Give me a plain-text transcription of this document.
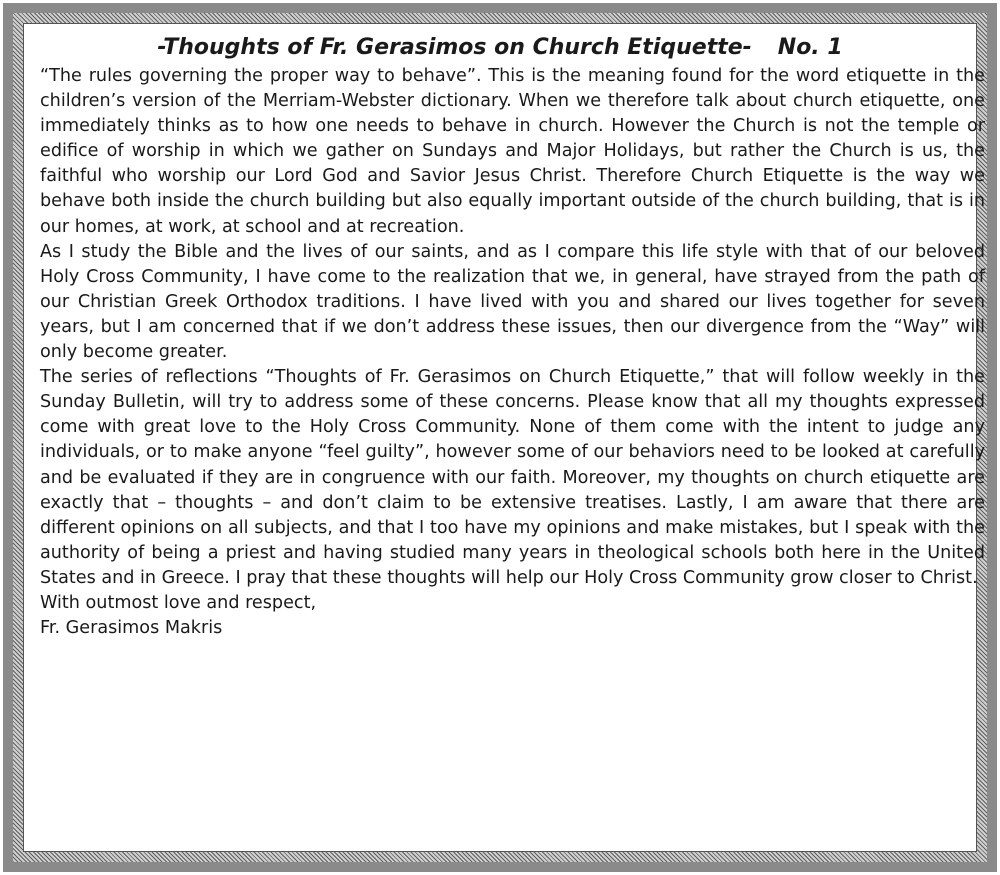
-Thoughts of Fr. Gerasimos on Church Etiquette- No. 1

“The rules governing the proper way to behave”. This is the meaning found for the word etiquette in the children’s version of the Merriam-Webster dictionary. When we therefore talk about church etiquette, one immediately thinks as to how one needs to behave in church. However the Church is not the temple or edifice of worship in which we gather on Sundays and Major Holidays, but rather the Church is us, the faithful who worship our Lord God and Savior Jesus Christ. Therefore Church Etiquette is the way we behave both inside the church building but also equally important outside of the church building, that is in our homes, at work, at school and at recreation.

As I study the Bible and the lives of our saints, and as I compare this life style with that of our beloved Holy Cross Community, I have come to the realization that we, in general, have strayed from the path of our Christian Greek Orthodox traditions. I have lived with you and shared our lives together for seven years, but I am concerned that if we don’t address these issues, then our divergence from the “Way” will only become greater.

The series of reflections “Thoughts of Fr. Gerasimos on Church Etiquette,” that will follow weekly in the Sunday Bulletin, will try to address some of these concerns. Please know that all my thoughts expressed come with great love to the Holy Cross Community. None of them come with the intent to judge any individuals, or to make anyone “feel guilty”, however some of our behaviors need to be looked at carefully and be evaluated if they are in congruence with our faith. Moreover, my thoughts on church etiquette are exactly that – thoughts – and don’t claim to be extensive treatises. Lastly, I am aware that there are different opinions on all subjects, and that I too have my opinions and make mistakes, but I speak with the authority of being a priest and having studied many years in theological schools both here in the United States and in Greece. I pray that these thoughts will help our Holy Cross Community grow closer to Christ.

With outmost love and respect,

Fr. Gerasimos Makris
